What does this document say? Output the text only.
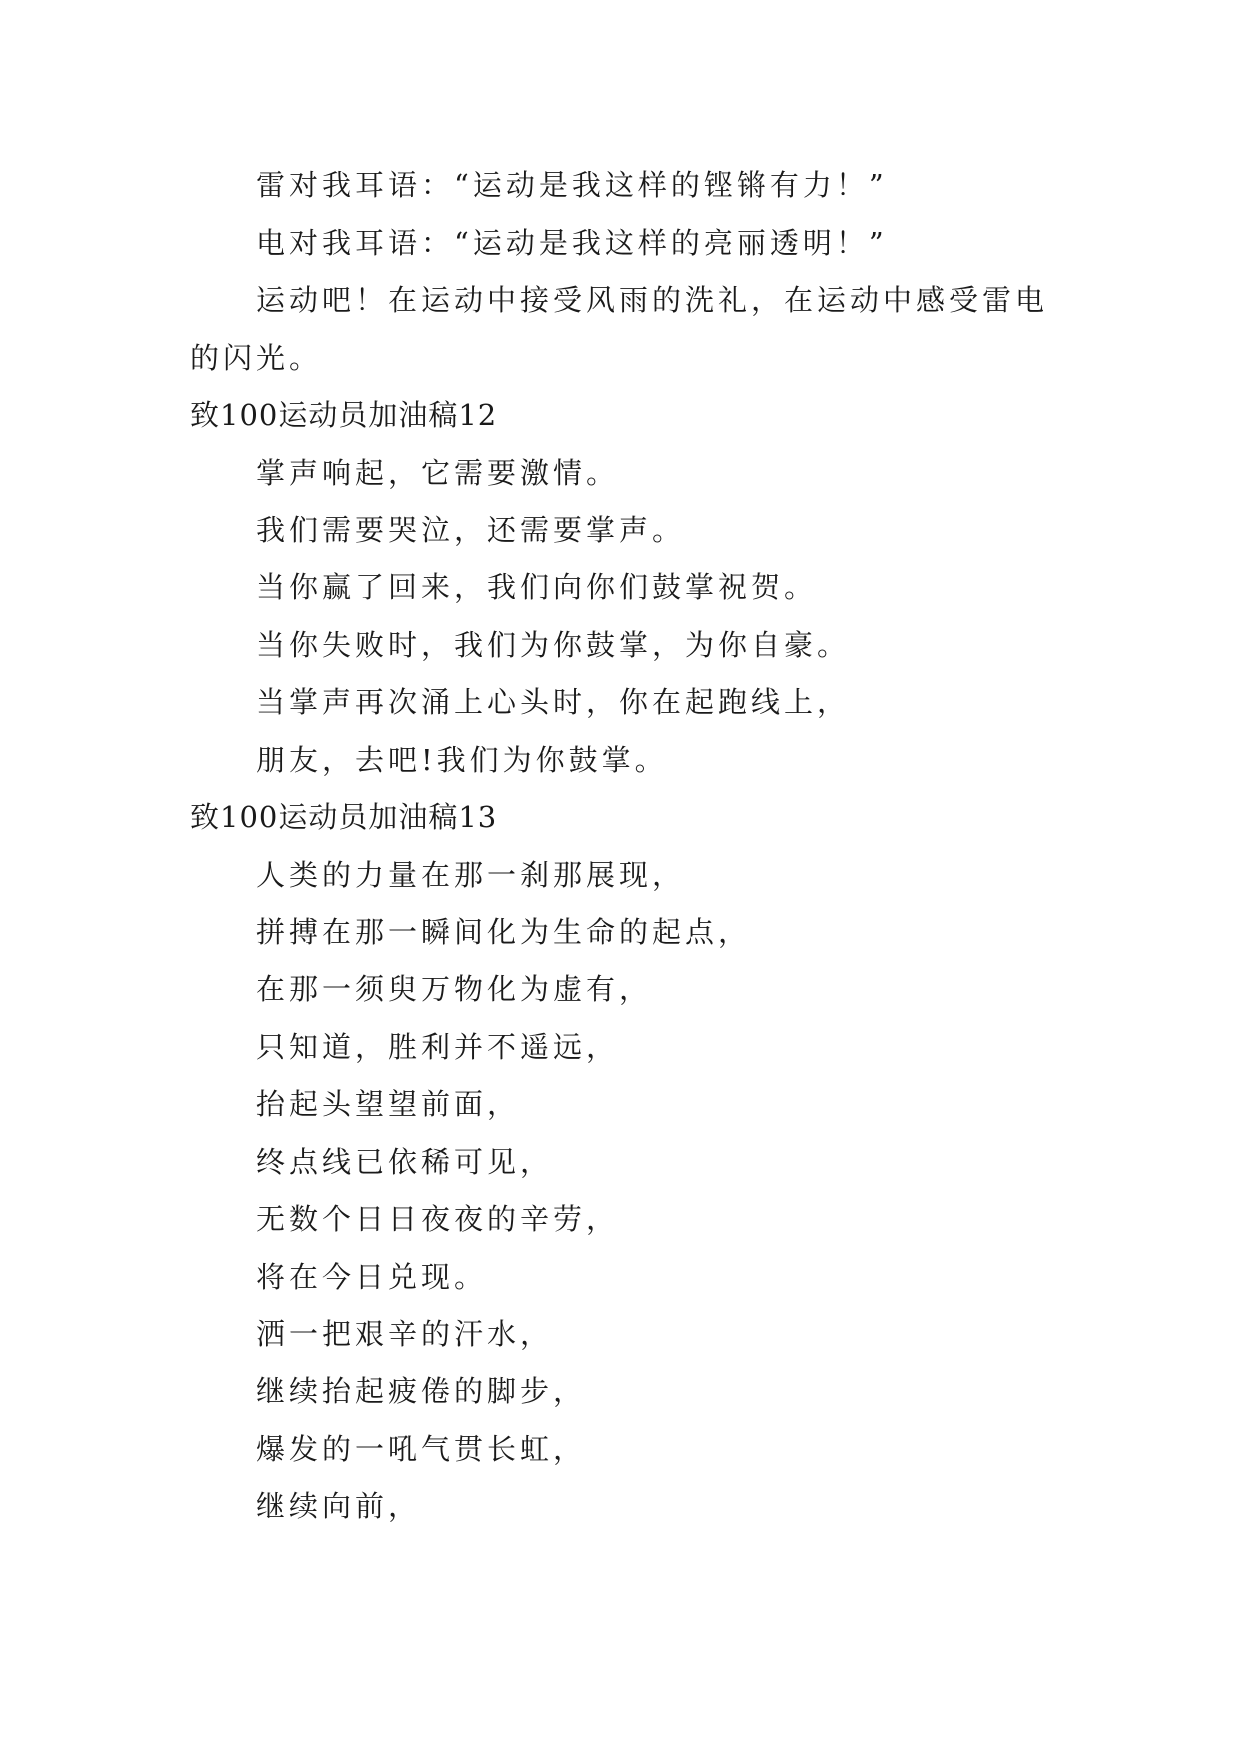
雷对我耳语：“运动是我这样的铿锵有力！”
电对我耳语：“运动是我这样的亮丽透明！”
运动吧！在运动中接受风雨的洗礼，在运动中感受雷电
的闪光。
致100运动员加油稿12
掌声响起，它需要激情。
我们需要哭泣，还需要掌声。
当你赢了回来，我们向你们鼓掌祝贺。
当你失败时，我们为你鼓掌，为你自豪。
当掌声再次涌上心头时，你在起跑线上，
朋友，去吧!我们为你鼓掌。
致100运动员加油稿13
人类的力量在那一刹那展现，
拼搏在那一瞬间化为生命的起点，
在那一须臾万物化为虚有，
只知道，胜利并不遥远，
抬起头望望前面，
终点线已依稀可见，
无数个日日夜夜的辛劳，
将在今日兑现。
洒一把艰辛的汗水，
继续抬起疲倦的脚步，
爆发的一吼气贯长虹，
继续向前，
